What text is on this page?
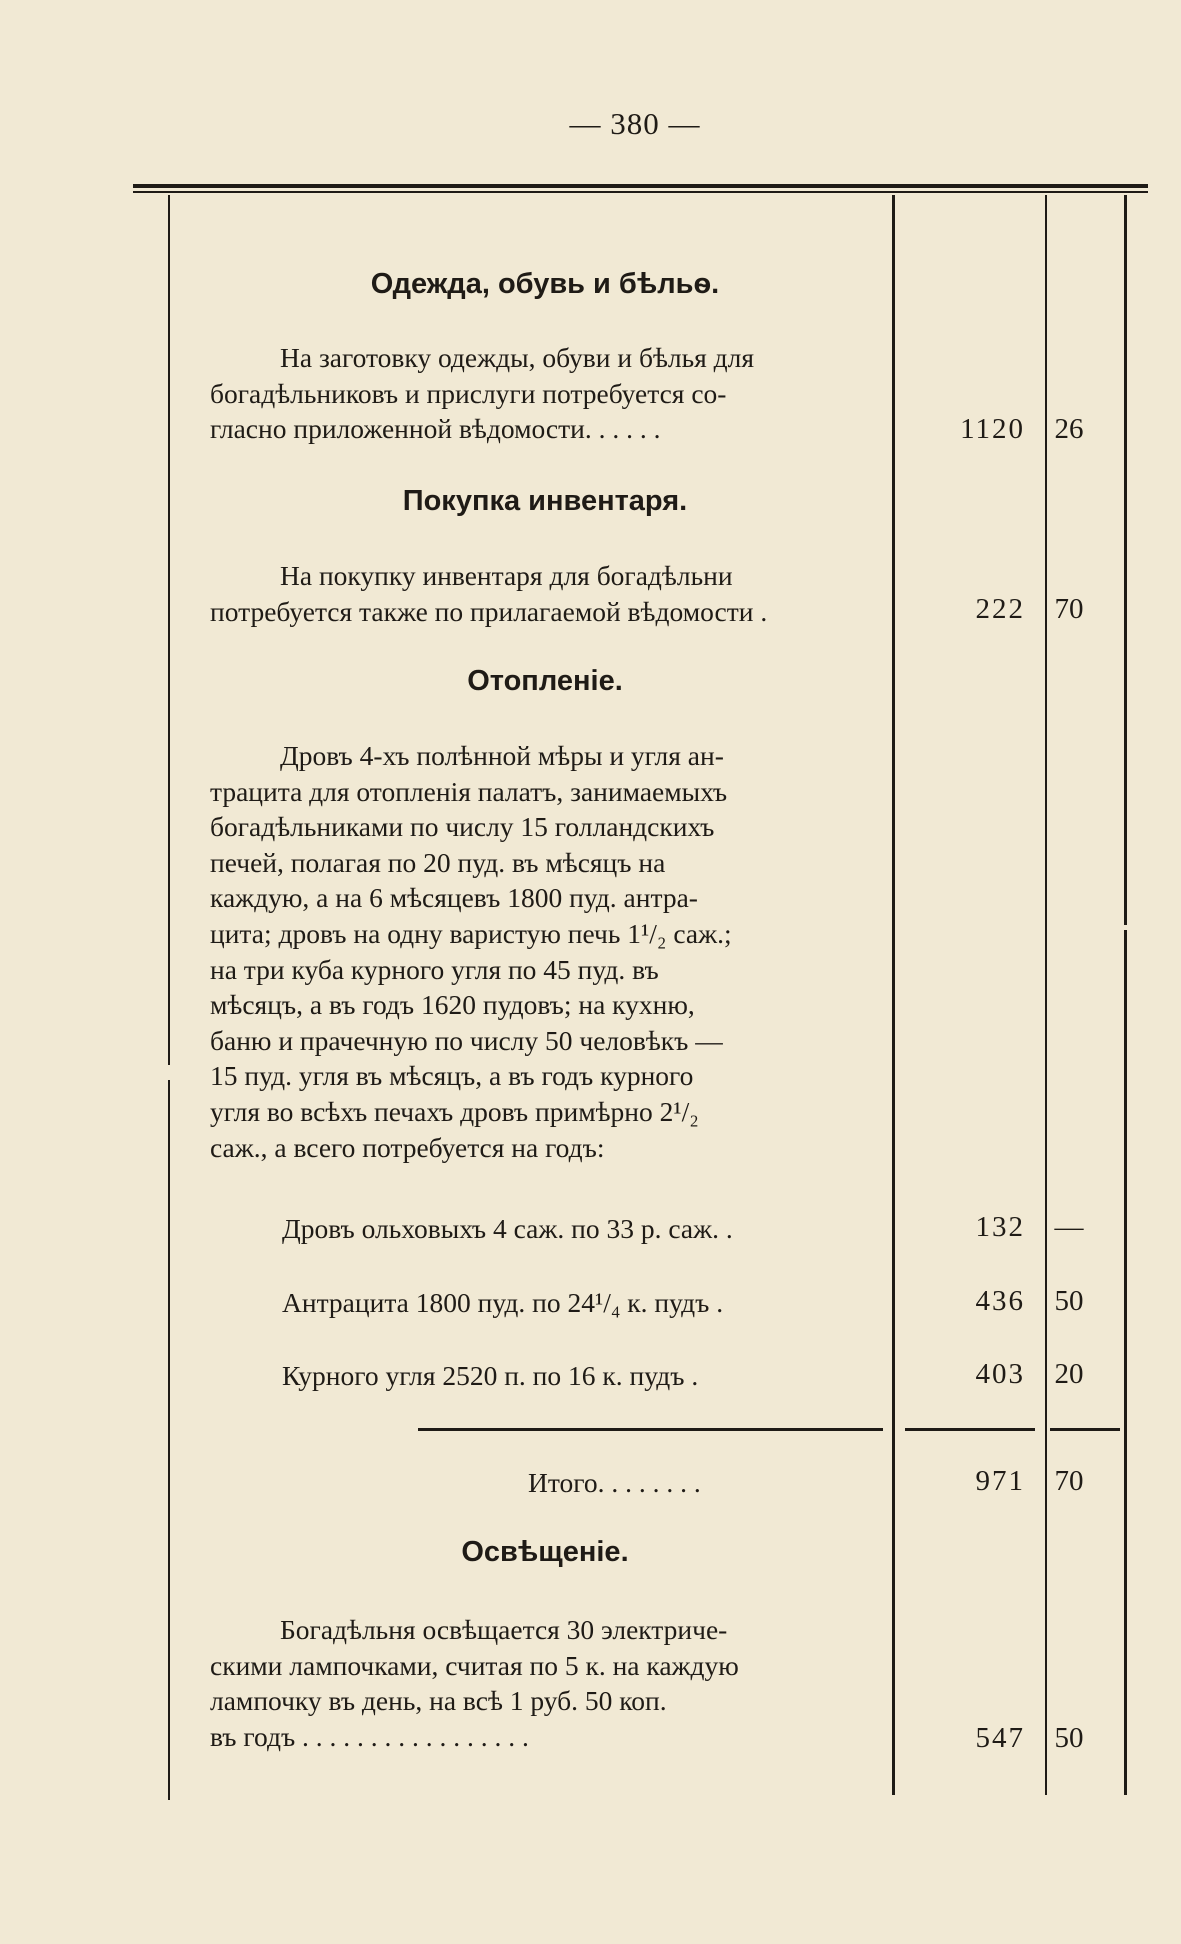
— 380 —
Одежда, обувь и бѣльѳ.
На заготовку одежды, обуви и бѣлья для
богадѣльниковъ и прислуги потребуется со-
гласно приложенной вѣдомости. . . . . .	1120	26
Покупка инвентаря.
На покупку инвентаря для богадѣльни
потребуется также по прилагаемой вѣдомости .	222	70
Отопленіе.
Дровъ 4-хъ полѣнной мѣры и угля ан-
трацита для отопленія палатъ, занимаемыхъ
богадѣльниками по числу 15 голландскихъ
печей, полагая по 20 пуд. въ мѣсяцъ на
каждую, а на 6 мѣсяцевъ 1800 пуд. антра-
цита; дровъ на одну варистую печь 1¹/₂ саж.;
на три куба курного угля по 45 пуд. въ
мѣсяцъ, а въ годъ 1620 пудовъ; на кухню,
баню и прачечную по числу 50 человѣкъ —
15 пуд. угля въ мѣсяцъ, а въ годъ курного
угля во всѣхъ печахъ дровъ примѣрно 2¹/₂
саж., а всего потребуется на годъ:
Дровъ ольховыхъ 4 саж. по 33 р. саж. .	132	—
Антрацита 1800 пуд. по 24¹/₄ к. пудъ .	436	50
Курного угля 2520 п. по 16 к. пудъ .	403	20
Итого. . . . . . . .	971	70
Освѣщеніе.
Богадѣльня освѣщается 30 электриче-
скими лампочками, считая по 5 к. на каждую
лампочку въ день, на всѣ 1 руб. 50 коп.
въ годъ . . . . . . . . . . . . . . . . .	547	50
